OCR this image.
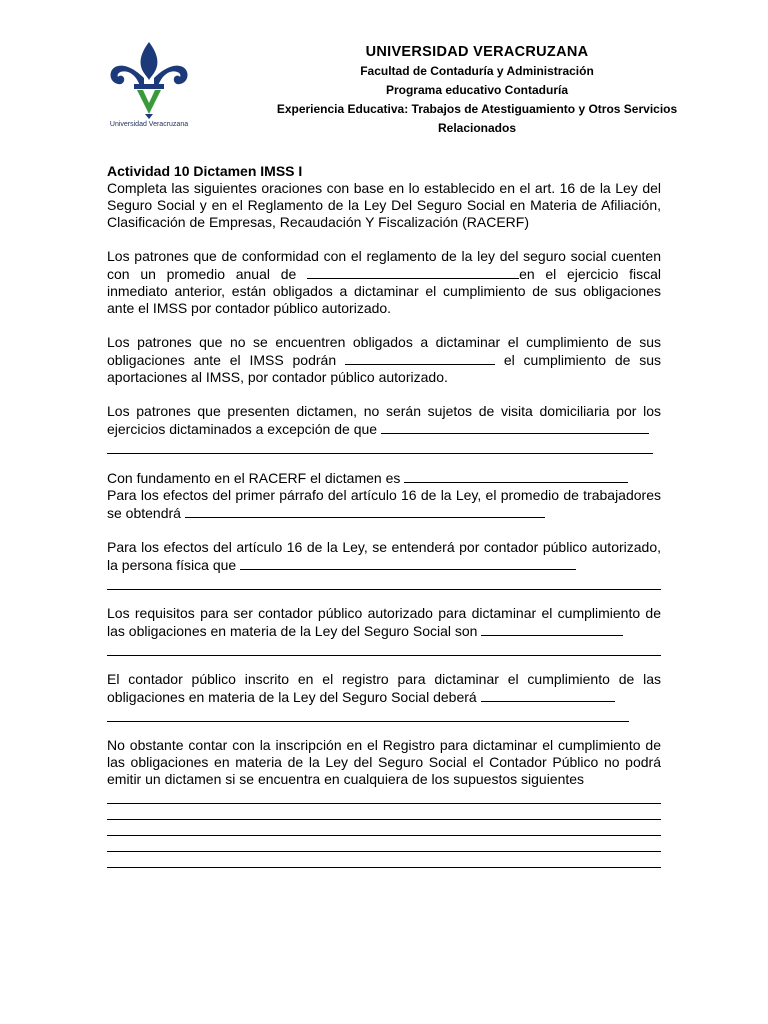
Universidad Veracruzana
UNIVERSIDAD VERACRUZANA
Facultad de Contaduría y Administración
Programa educativo Contaduría
Experiencia Educativa: Trabajos de Atestiguamiento y Otros Servicios
Relacionados

Actividad 10 Dictamen IMSS I

Completa las siguientes oraciones con base en lo establecido en el art. 16 de la Ley del Seguro Social y en el Reglamento de la Ley Del Seguro Social en Materia de Afiliación, Clasificación de Empresas, Recaudación Y Fiscalización (RACERF)

Los patrones que de conformidad con el reglamento de la ley del seguro social cuenten con un promedio anual de	en el ejercicio fiscal inmediato anterior, están obligados a dictaminar el cumplimiento de sus obligaciones ante el IMSS por contador público autorizado.

Los patrones que no se encuentren obligados a dictaminar el cumplimiento de sus obligaciones ante el IMSS podrán	el cumplimiento de sus aportaciones al IMSS, por contador público autorizado.

Los patrones que presenten dictamen, no serán sujetos de visita domiciliaria por los ejercicios dictaminados a excepción de que

Con fundamento en el RACERF el dictamen es

Para los efectos del primer párrafo del artículo 16 de la Ley, el promedio de trabajadores se obtendrá

Para los efectos del artículo 16 de la Ley, se entenderá por contador público autorizado, la persona física que

Los requisitos para ser contador público autorizado para dictaminar el cumplimiento de las obligaciones en materia de la Ley del Seguro Social son

El contador público inscrito en el registro para dictaminar el cumplimiento de las obligaciones en materia de la Ley del Seguro Social deberá

No obstante contar con la inscripción en el Registro para dictaminar el cumplimiento de las obligaciones en materia de la Ley del Seguro Social el Contador Público no podrá emitir un dictamen si se encuentra en cualquiera de los supuestos siguientes
